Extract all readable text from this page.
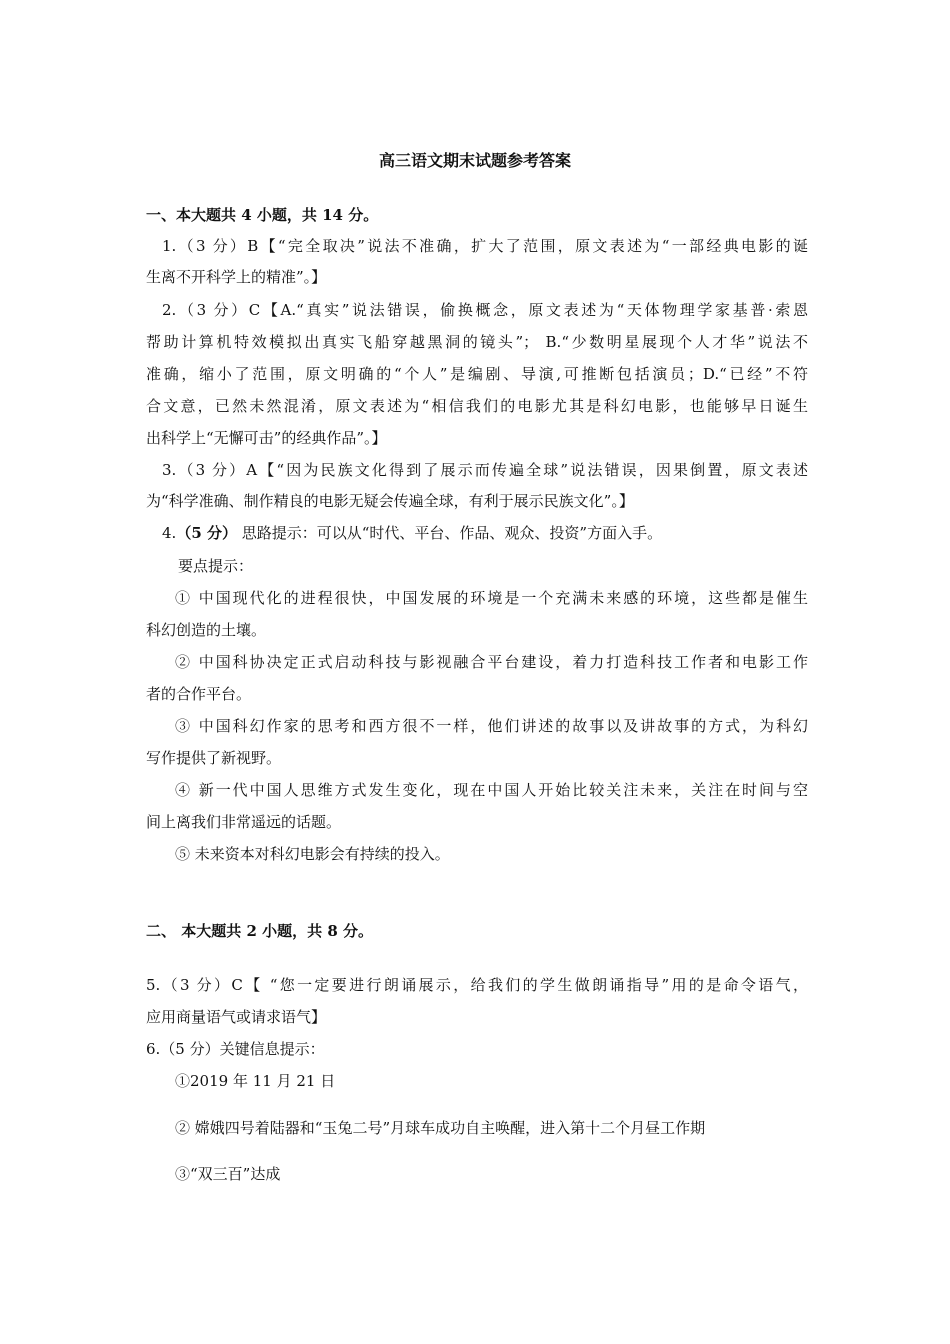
高三语文期末试题参考答案
一、本大题共 4 小题，共 14 分。
1.（3 分）B【“完全取决”说法不准确，扩大了范围，原文表述为“一部经典电影的诞
生离不开科学上的精准”。】
2.（3 分）C【A.“真实”说法错误，偷换概念，原文表述为“天体物理学家基普·索恩
帮助计算机特效模拟出真实飞船穿越黑洞的镜头”； B.“少数明星展现个人才华”说法不
准确，缩小了范围，原文明确的“个人”是编剧、导演,可推断包括演员；D.“已经”不符
合文意，已然未然混淆，原文表述为“相信我们的电影尤其是科幻电影，也能够早日诞生
出科学上“无懈可击”的经典作品”。】
3.（3 分）A【“因为民族文化得到了展示而传遍全球”说法错误，因果倒置，原文表述
为“科学准确、制作精良的电影无疑会传遍全球，有利于展示民族文化”。】
4.（5 分） 思路提示：可以从“时代、平台、作品、观众、投资”方面入手。
要点提示：
① 中国现代化的进程很快，中国发展的环境是一个充满未来感的环境，这些都是催生
科幻创造的土壤。
② 中国科协决定正式启动科技与影视融合平台建设，着力打造科技工作者和电影工作
者的合作平台。
③ 中国科幻作家的思考和西方很不一样，他们讲述的故事以及讲故事的方式，为科幻
写作提供了新视野。
④ 新一代中国人思维方式发生变化，现在中国人开始比较关注未来，关注在时间与空
间上离我们非常遥远的话题。
⑤ 未来资本对科幻电影会有持续的投入。
二、 本大题共 2 小题，共 8 分。
5.（3 分）C【 “您一定要进行朗诵展示，给我们的学生做朗诵指导”用的是命令语气，
应用商量语气或请求语气】
6.（5 分）关键信息提示：
①2019 年 11 月 21 日
② 嫦娥四号着陆器和“玉兔二号”月球车成功自主唤醒，进入第十二个月昼工作期
③“双三百”达成
